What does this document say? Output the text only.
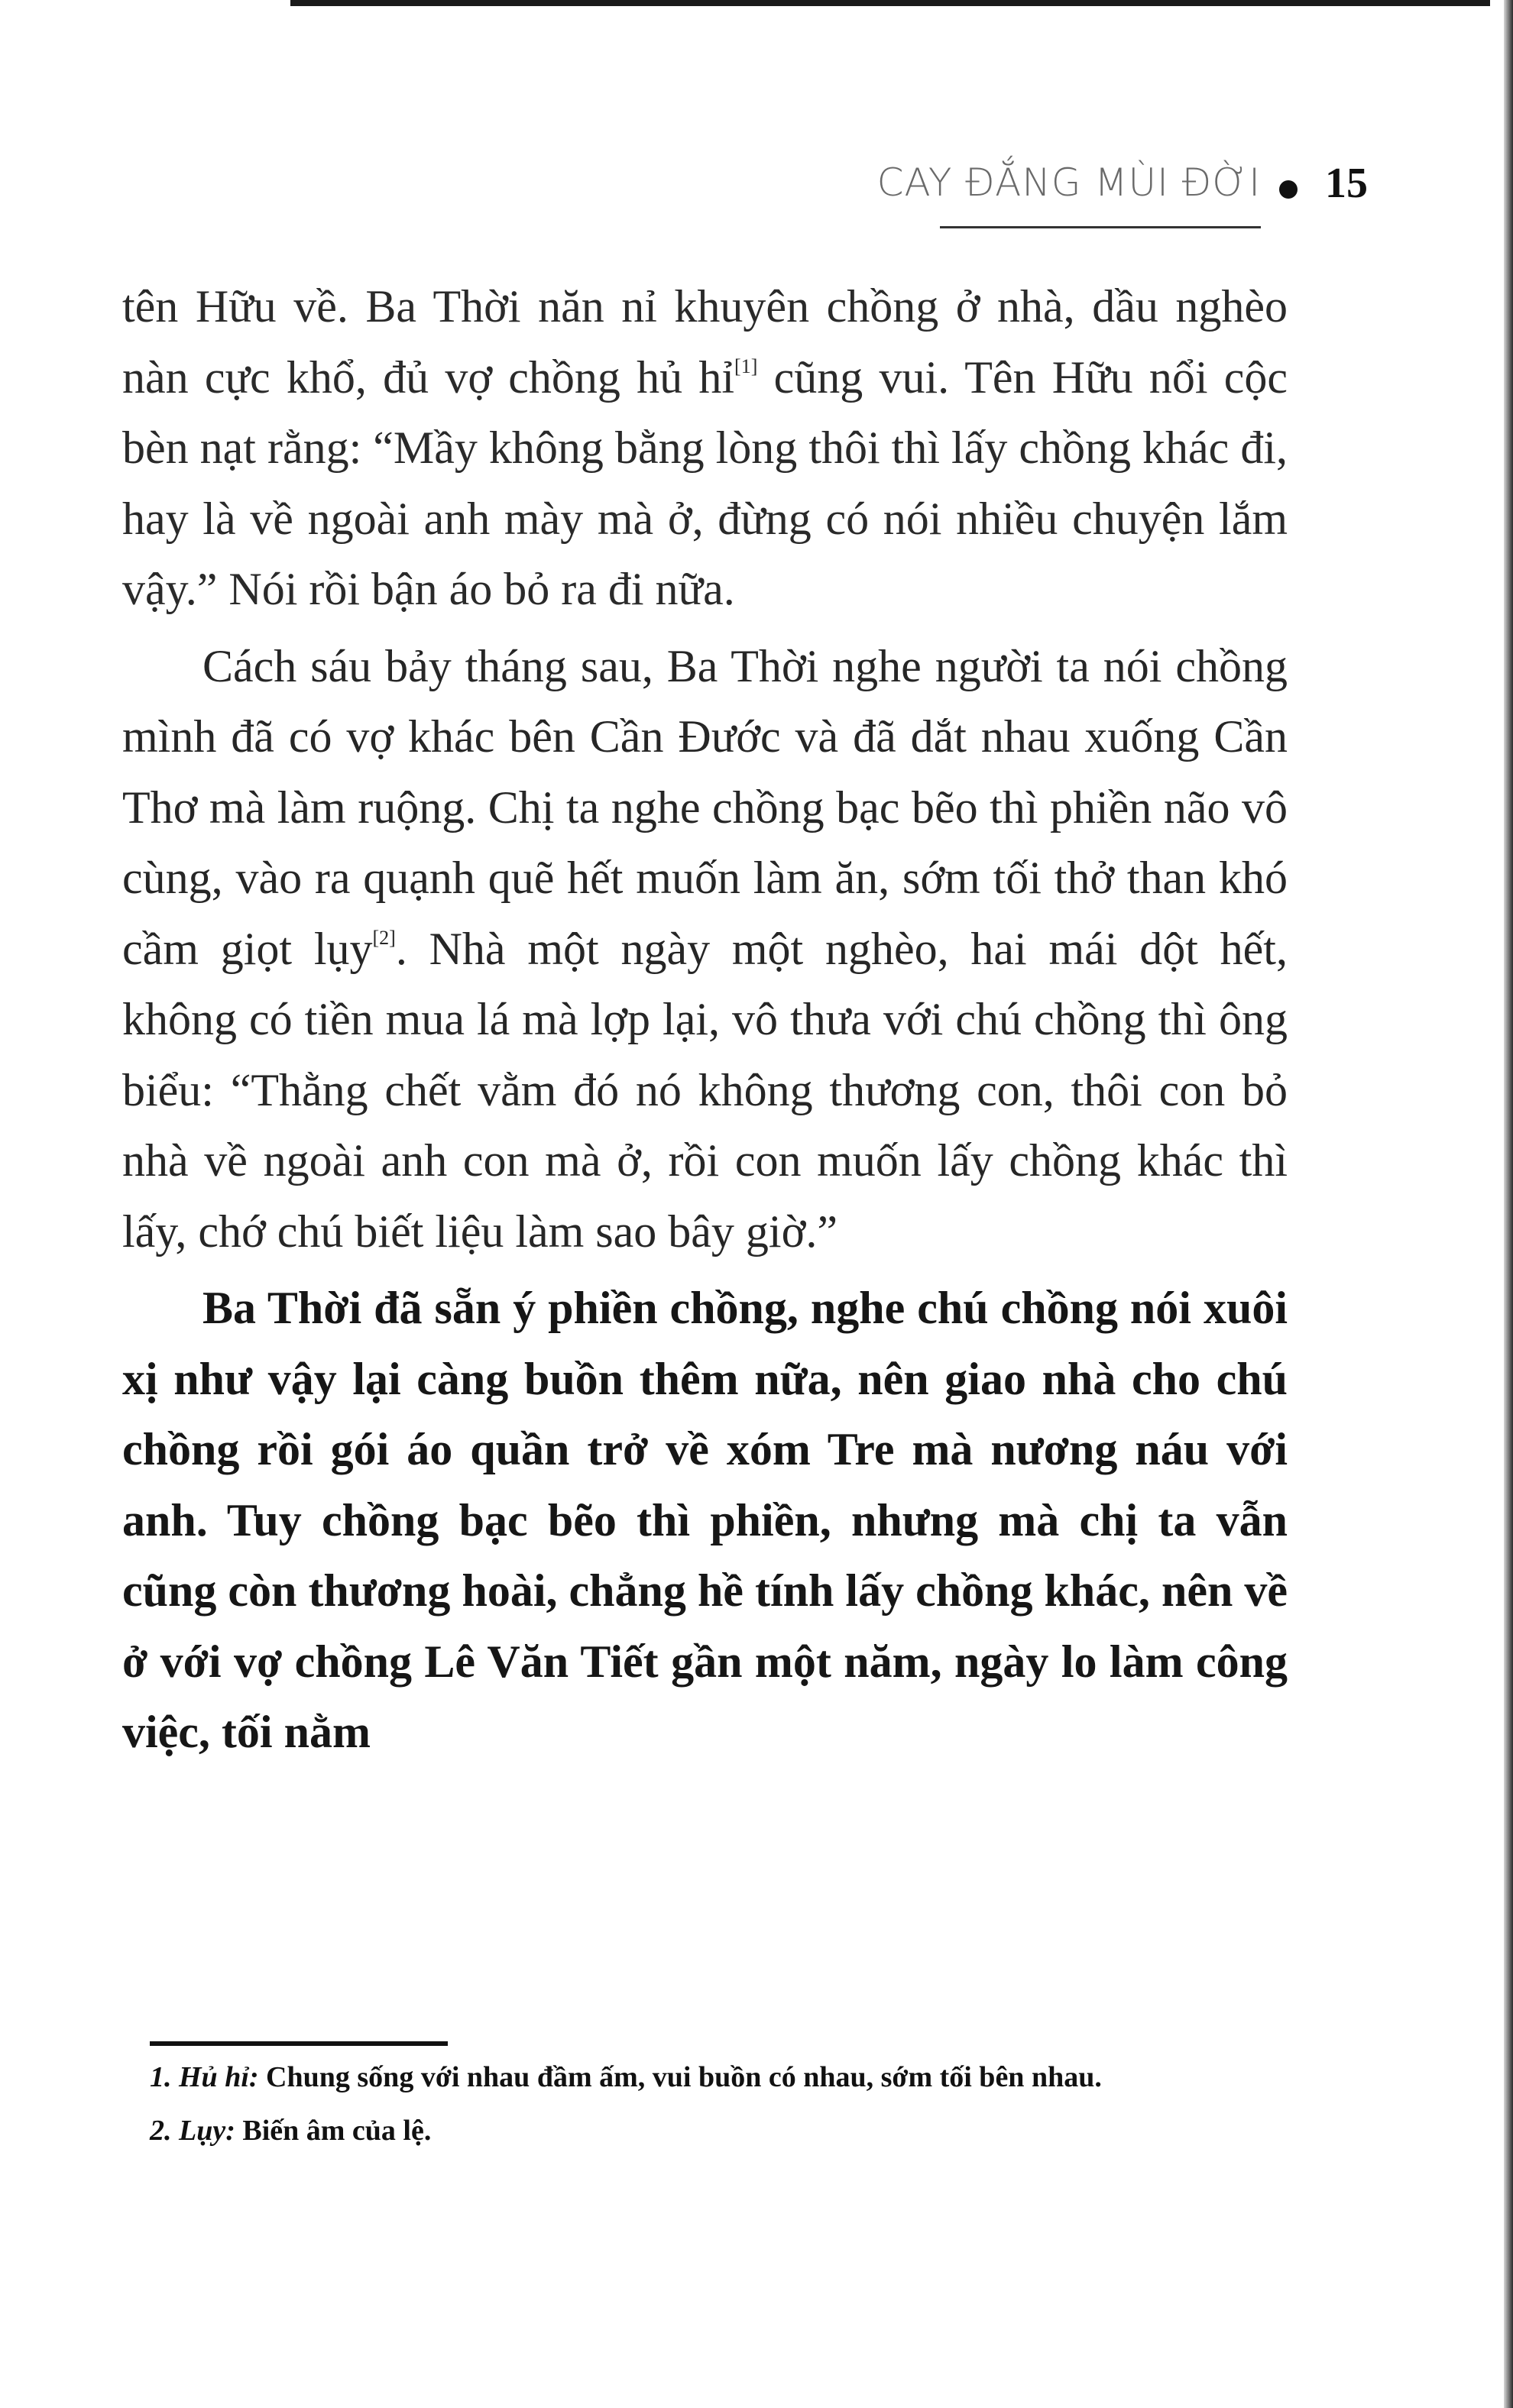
CAY ĐẮNG MÙI ĐỜI 15

tên Hữu về. Ba Thời năn nỉ khuyên chồng ở nhà, dầu nghèo nàn cực khổ, đủ vợ chồng hủ hỉ[1] cũng vui. Tên Hữu nổi cộc bèn nạt rằng: “Mầy không bằng lòng thôi thì lấy chồng khác đi, hay là về ngoài anh mày mà ở, đừng có nói nhiều chuyện lắm vậy.” Nói rồi bận áo bỏ ra đi nữa.

Cách sáu bảy tháng sau, Ba Thời nghe người ta nói chồng mình đã có vợ khác bên Cần Đước và đã dắt nhau xuống Cần Thơ mà làm ruộng. Chị ta nghe chồng bạc bẽo thì phiền não vô cùng, vào ra quạnh quẽ hết muốn làm ăn, sớm tối thở than khó cầm giọt lụy[2]. Nhà một ngày một nghèo, hai mái dột hết, không có tiền mua lá mà lợp lại, vô thưa với chú chồng thì ông biểu: “Thằng chết vằm đó nó không thương con, thôi con bỏ nhà về ngoài anh con mà ở, rồi con muốn lấy chồng khác thì lấy, chớ chú biết liệu làm sao bây giờ.”

Ba Thời đã sẵn ý phiền chồng, nghe chú chồng nói xuôi xị như vậy lại càng buồn thêm nữa, nên giao nhà cho chú chồng rồi gói áo quần trở về xóm Tre mà nương náu với anh. Tuy chồng bạc bẽo thì phiền, nhưng mà chị ta vẫn cũng còn thương hoài, chẳng hề tính lấy chồng khác, nên về ở với vợ chồng Lê Văn Tiết gần một năm, ngày lo làm công việc, tối nằm

1. Hủ hỉ: Chung sống với nhau đầm ấm, vui buồn có nhau, sớm tối bên nhau.

2. Lụy: Biến âm của lệ.
